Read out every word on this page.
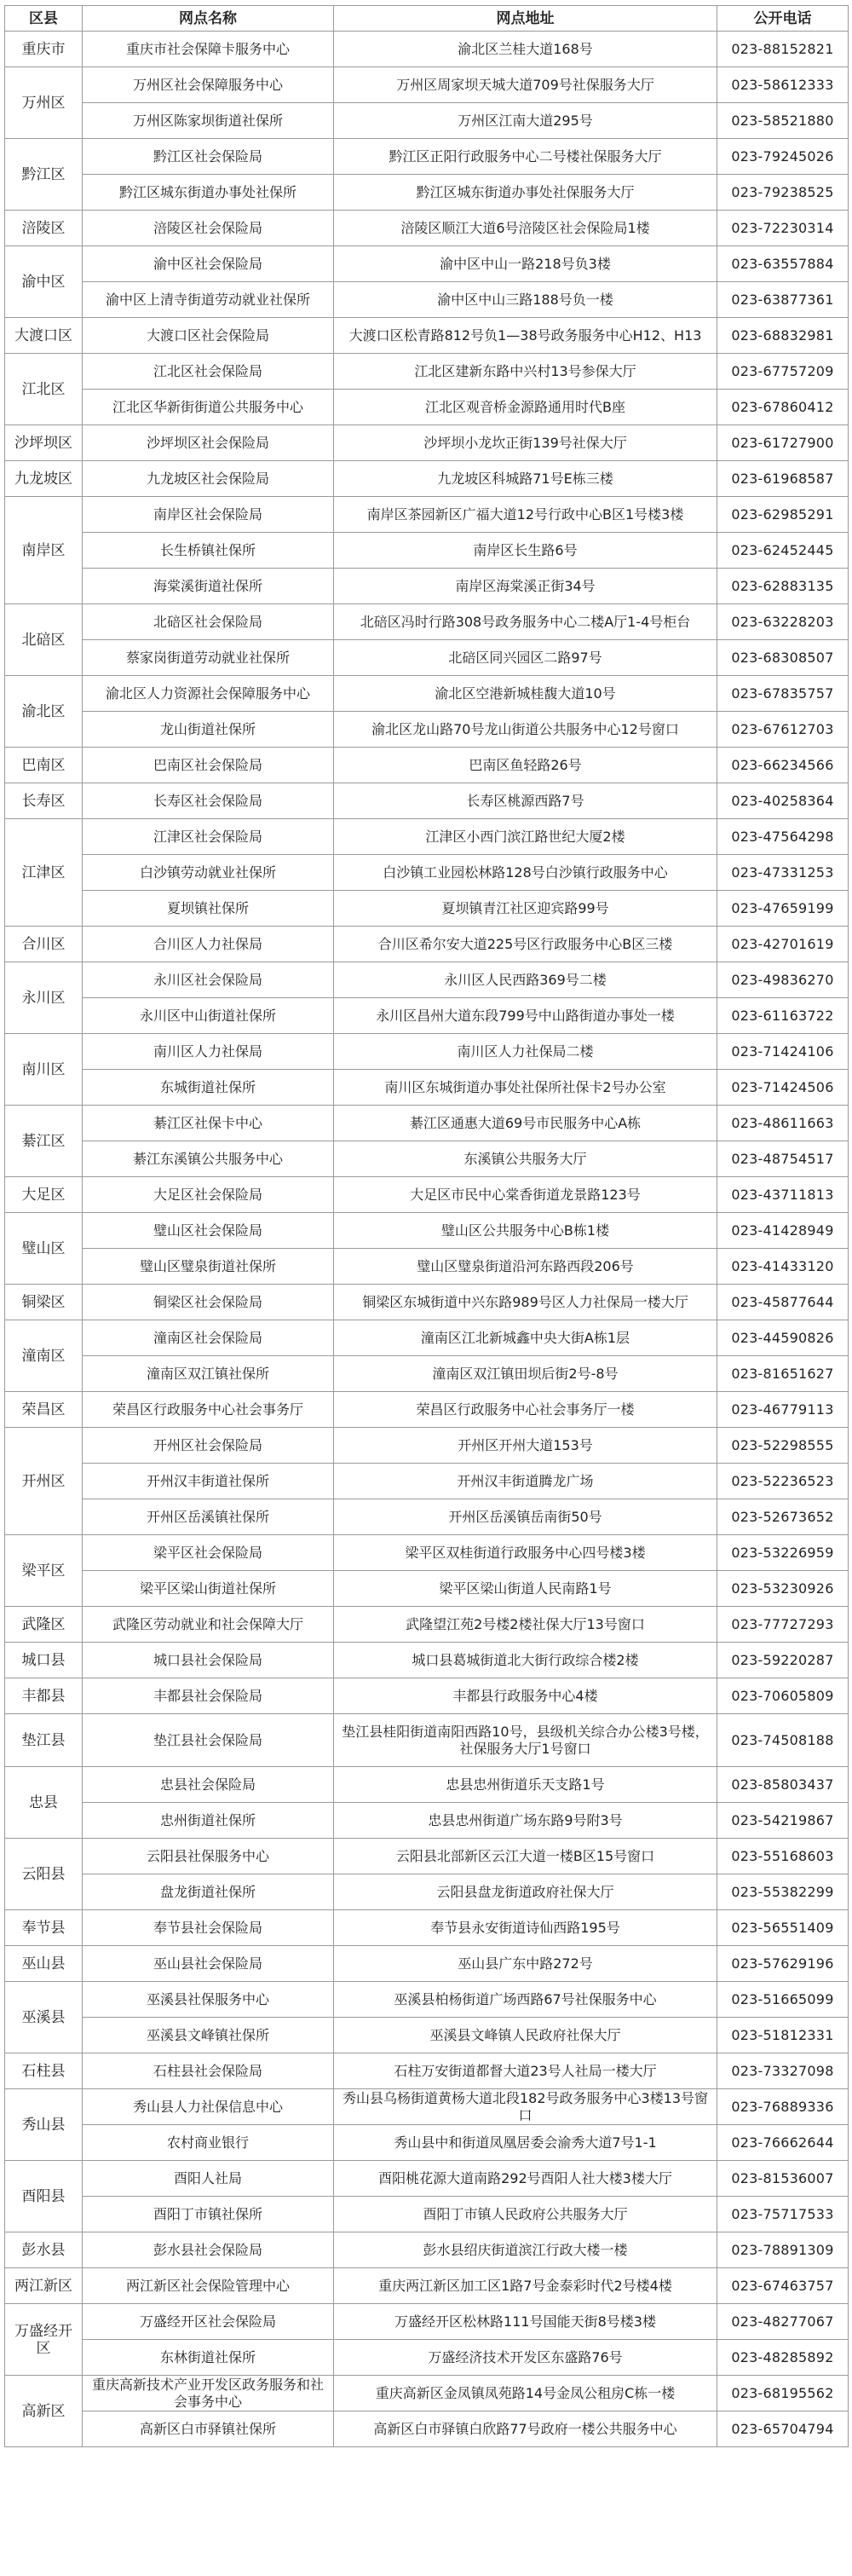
区县	网点名称	网点地址	公开电话
重庆市	重庆市社会保障卡服务中心	渝北区兰桂大道168号	023-88152821
万州区	万州区社会保障服务中心	万州区周家坝天城大道709号社保服务大厅	023-58612333
	万州区陈家坝街道社保所	万州区江南大道295号	023-58521880
黔江区	黔江区社会保险局	黔江区正阳行政服务中心二号楼社保服务大厅	023-79245026
	黔江区城东街道办事处社保所	黔江区城东街道办事处社保服务大厅	023-79238525
涪陵区	涪陵区社会保险局	涪陵区顺江大道6号涪陵区社会保险局1楼	023-72230314
渝中区	渝中区社会保险局	渝中区中山一路218号负3楼	023-63557884
	渝中区上清寺街道劳动就业社保所	渝中区中山三路188号负一楼	023-63877361
大渡口区	大渡口区社会保险局	大渡口区松青路812号负1—38号政务服务中心H12、H13	023-68832981
江北区	江北区社会保险局	江北区建新东路中兴村13号参保大厅	023-67757209
	江北区华新街街道公共服务中心	江北区观音桥金源路通用时代B座	023-67860412
沙坪坝区	沙坪坝区社会保险局	沙坪坝小龙坎正街139号社保大厅	023-61727900
九龙坡区	九龙坡区社会保险局	九龙坡区科城路71号E栋三楼	023-61968587
南岸区	南岸区社会保险局	南岸区茶园新区广福大道12号行政中心B区1号楼3楼	023-62985291
	长生桥镇社保所	南岸区长生路6号	023-62452445
	海棠溪街道社保所	南岸区海棠溪正街34号	023-62883135
北碚区	北碚区社会保险局	北碚区冯时行路308号政务服务中心二楼A厅1-4号柜台	023-63228203
	蔡家岗街道劳动就业社保所	北碚区同兴园区二路97号	023-68308507
渝北区	渝北区人力资源社会保障服务中心	渝北区空港新城桂馥大道10号	023-67835757
	龙山街道社保所	渝北区龙山路70号龙山街道公共服务中心12号窗口	023-67612703
巴南区	巴南区社会保险局	巴南区鱼轻路26号	023-66234566
长寿区	长寿区社会保险局	长寿区桃源西路7号	023-40258364
江津区	江津区社会保险局	江津区小西门滨江路世纪大厦2楼	023-47564298
	白沙镇劳动就业社保所	白沙镇工业园松林路128号白沙镇行政服务中心	023-47331253
	夏坝镇社保所	夏坝镇青江社区迎宾路99号	023-47659199
合川区	合川区人力社保局	合川区希尔安大道225号区行政服务中心B区三楼	023-42701619
永川区	永川区社会保险局	永川区人民西路369号二楼	023-49836270
	永川区中山街道社保所	永川区昌州大道东段799号中山路街道办事处一楼	023-61163722
南川区	南川区人力社保局	南川区人力社保局二楼	023-71424106
	东城街道社保所	南川区东城街道办事处社保所社保卡2号办公室	023-71424506
綦江区	綦江区社保卡中心	綦江区通惠大道69号市民服务中心A栋	023-48611663
	綦江东溪镇公共服务中心	东溪镇公共服务大厅	023-48754517
大足区	大足区社会保险局	大足区市民中心棠香街道龙景路123号	023-43711813
璧山区	璧山区社会保险局	璧山区公共服务中心B栋1楼	023-41428949
	璧山区璧泉街道社保所	璧山区璧泉街道沿河东路西段206号	023-41433120
铜梁区	铜梁区社会保险局	铜梁区东城街道中兴东路989号区人力社保局一楼大厅	023-45877644
潼南区	潼南区社会保险局	潼南区江北新城鑫中央大街A栋1层	023-44590826
	潼南区双江镇社保所	潼南区双江镇田坝后街2号-8号	023-81651627
荣昌区	荣昌区行政服务中心社会事务厅	荣昌区行政服务中心社会事务厅一楼	023-46779113
开州区	开州区社会保险局	开州区开州大道153号	023-52298555
	开州汉丰街道社保所	开州汉丰街道腾龙广场	023-52236523
	开州区岳溪镇社保所	开州区岳溪镇岳南街50号	023-52673652
梁平区	梁平区社会保险局	梁平区双桂街道行政服务中心四号楼3楼	023-53226959
	梁平区梁山街道社保所	梁平区梁山街道人民南路1号	023-53230926
武隆区	武隆区劳动就业和社会保障大厅	武隆望江苑2号楼2楼社保大厅13号窗口	023-77727293
城口县	城口县社会保险局	城口县葛城街道北大街行政综合楼2楼	023-59220287
丰都县	丰都县社会保险局	丰都县行政服务中心4楼	023-70605809
垫江县	垫江县社会保险局	垫江县桂阳街道南阳西路10号，县级机关综合办公楼3号楼，社保服务大厅1号窗口	023-74508188
忠县	忠县社会保险局	忠县忠州街道乐天支路1号	023-85803437
	忠州街道社保所	忠县忠州街道广场东路9号附3号	023-54219867
云阳县	云阳县社保服务中心	云阳县北部新区云江大道一楼B区15号窗口	023-55168603
	盘龙街道社保所	云阳县盘龙街道政府社保大厅	023-55382299
奉节县	奉节县社会保险局	奉节县永安街道诗仙西路195号	023-56551409
巫山县	巫山县社会保险局	巫山县广东中路272号	023-57629196
巫溪县	巫溪县社保服务中心	巫溪县柏杨街道广场西路67号社保服务中心	023-51665099
	巫溪县文峰镇社保所	巫溪县文峰镇人民政府社保大厅	023-51812331
石柱县	石柱县社会保险局	石柱万安街道都督大道23号人社局一楼大厅	023-73327098
秀山县	秀山县人力社保信息中心	秀山县乌杨街道黄杨大道北段182号政务服务中心3楼13号窗口	023-76889336
	农村商业银行	秀山县中和街道凤凰居委会渝秀大道7号1-1	023-76662644
酉阳县	酉阳人社局	酉阳桃花源大道南路292号酉阳人社大楼3楼大厅	023-81536007
	酉阳丁市镇社保所	酉阳丁市镇人民政府公共服务大厅	023-75717533
彭水县	彭水县社会保险局	彭水县绍庆街道滨江行政大楼一楼	023-78891309
两江新区	两江新区社会保险管理中心	重庆两江新区加工区1路7号金泰彩时代2号楼4楼	023-67463757
万盛经开区	万盛经开区社会保险局	万盛经开区松林路111号国能天街8号楼3楼	023-48277067
	东林街道社保所	万盛经济技术开发区东盛路76号	023-48285892
高新区	重庆高新技术产业开发区政务服务和社会事务中心	重庆高新区金凤镇凤苑路14号金凤公租房C栋一楼	023-68195562
	高新区白市驿镇社保所	高新区白市驿镇白欣路77号政府一楼公共服务中心	023-65704794
